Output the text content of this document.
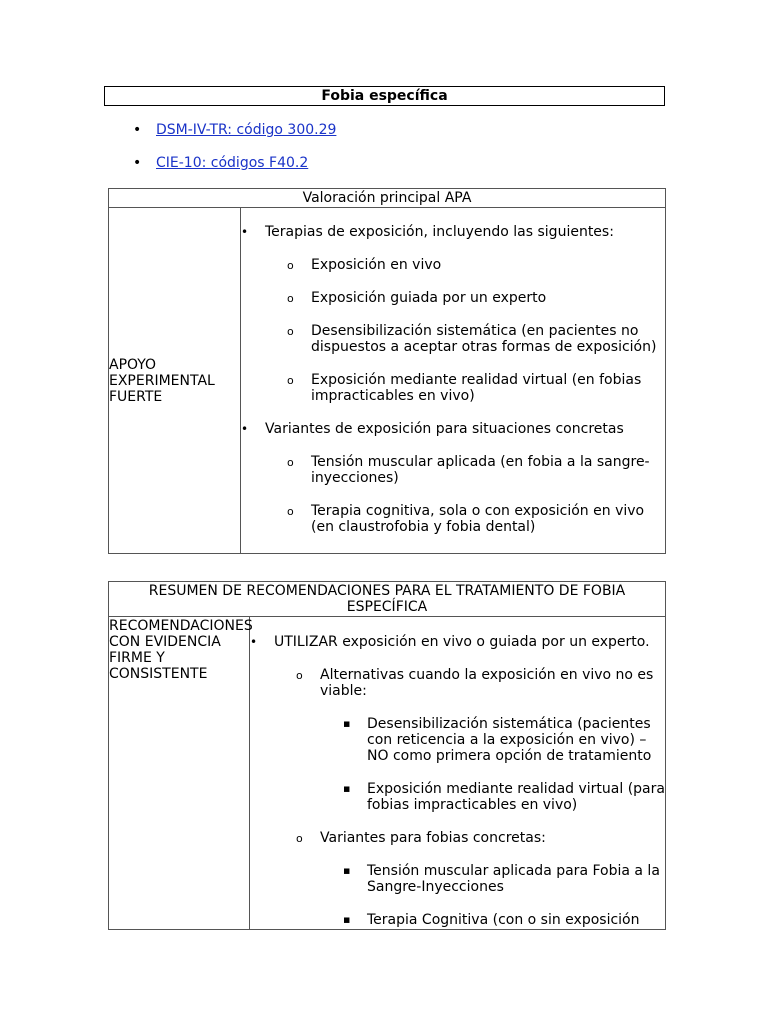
Fobia específica
• DSM-IV-TR: código 300.29
• CIE-10: códigos F40.2
Valoración principal APA
APOYO EXPERIMENTAL FUERTE	
• Terapias de exposición, incluyendo las siguientes:
o Exposición en vivo
o Exposición guiada por un experto
o Desensibilización sistemática (en pacientes no dispuestos a aceptar otras formas de exposición)
o Exposición mediante realidad virtual (en fobias impracticables en vivo)
• Variantes de exposición para situaciones concretas
o Tensión muscular aplicada (en fobia a la sangre-inyecciones)
o Terapia cognitiva, sola o con exposición en vivo (en claustrofobia y fobia dental)
RESUMEN DE RECOMENDACIONES PARA EL TRATAMIENTO DE FOBIA ESPECÍFICA
RECOMENDACIONES CON EVIDENCIA FIRME Y CONSISTENTE	
• UTILIZAR exposición en vivo o guiada por un experto.
o Alternativas cuando la exposición en vivo no es viable:
▪ Desensibilización sistemática (pacientes con reticencia a la exposición en vivo) – NO como primera opción de tratamiento
▪ Exposición mediante realidad virtual (para fobias impracticables en vivo)
o Variantes para fobias concretas:
▪ Tensión muscular aplicada para Fobia a la Sangre-Inyecciones
▪ Terapia Cognitiva (con o sin exposición
